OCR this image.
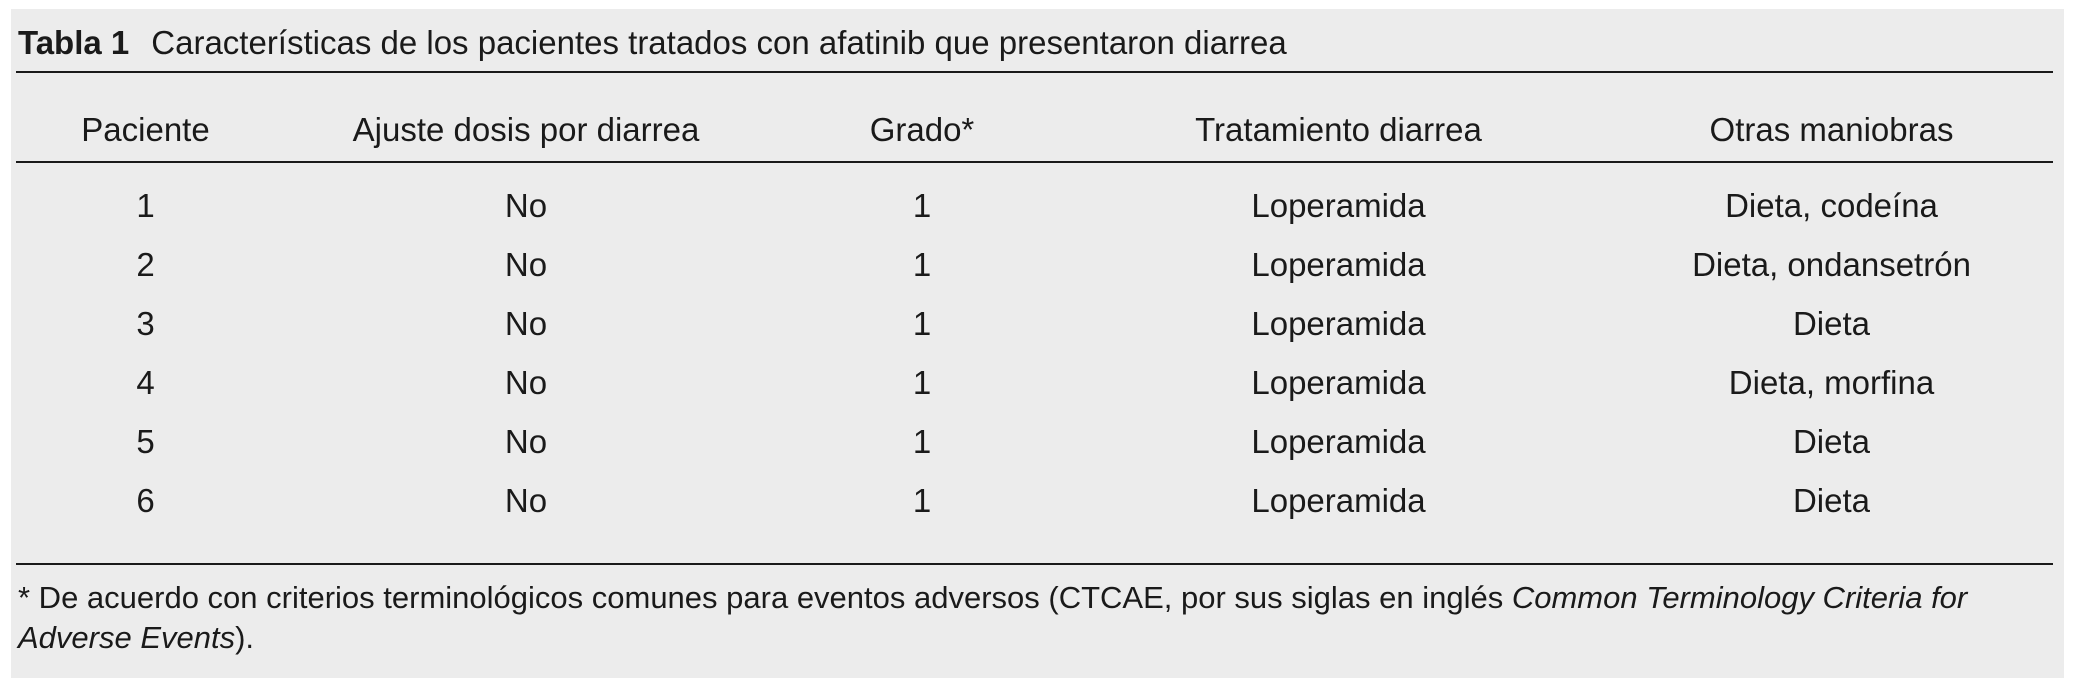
Tabla 1 Características de los pacientes tratados con afatinib que presentaron diarrea
Paciente	Ajuste dosis por diarrea	Grado*	Tratamiento diarrea	Otras maniobras

1	No	1	Loperamida	Dieta, codeína
2	No	1	Loperamida	Dieta, ondansetrón
3	No	1	Loperamida	Dieta
4	No	1	Loperamida	Dieta, morfina
5	No	1	Loperamida	Dieta
6	No	1	Loperamida	Dieta
* De acuerdo con criterios terminológicos comunes para eventos adversos (CTCAE, por sus siglas en inglés Common Terminology Criteria for Adverse Events).
